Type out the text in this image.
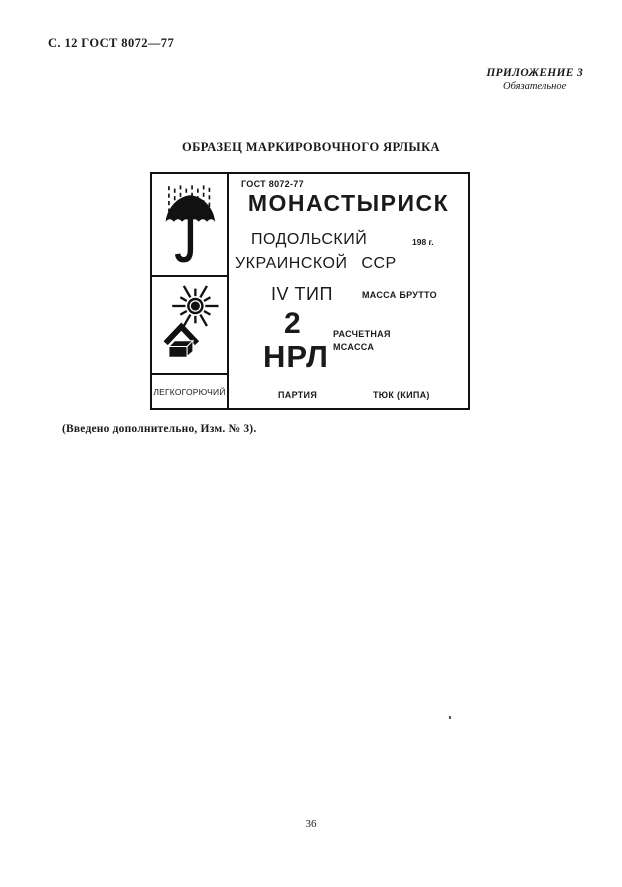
С. 12 ГОСТ 8072—77
ПРИЛОЖЕНИЕ 3
Обязательное
ОБРАЗЕЦ МАРКИРОВОЧНОГО ЯРЛЫКА
ЛЕГКОГОРЮЧИЙ
ГОСТ 8072-77
МОНАСТЫРИСК
ПОДОЛЬСКИЙ	198 г.
УКРАИНСКОЙ ССР
IV ТИП	МАССА БРУТТО
2	РАСЧЕТНАЯ
МСАССА
НРЛ
ПАРТИЯ	ТЮК (КИПА)
(Введено дополнительно, Изм. № 3).
36
